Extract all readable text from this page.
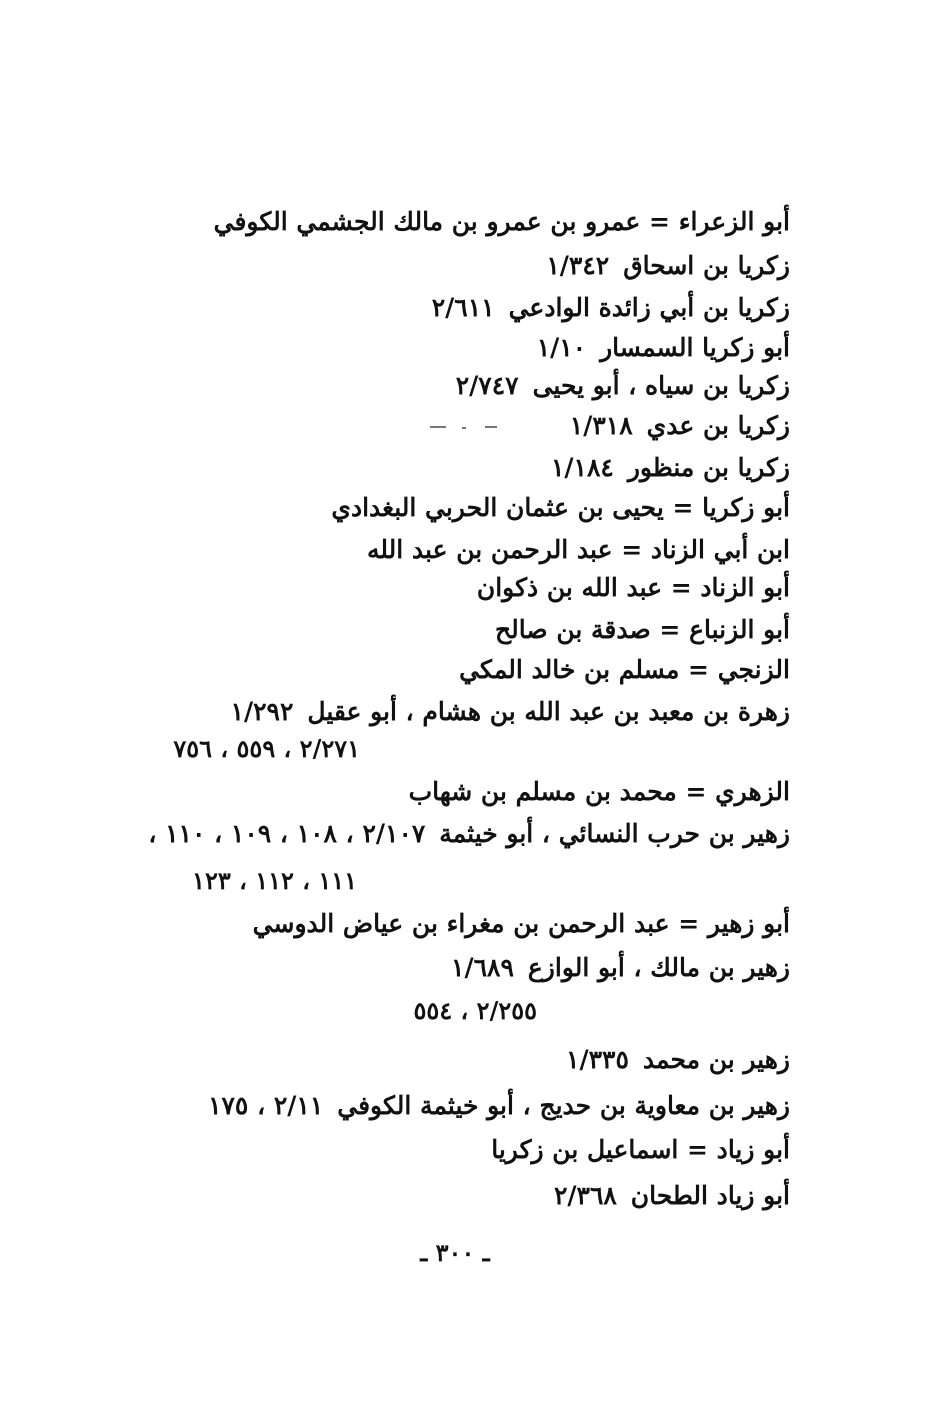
أبو الزعراء = عمرو بن عمرو بن مالك الجشمي الكوفي
زكريا بن اسحاق١/٣٤٢
زكريا بن أبي زائدة الوادعي٢/٦١١
أبو زكريا السمسار١/١٠
زكريا بن سياه ، أبو يحيى٢/٧٤٧
زكريا بن عدي١/٣١٨
زكريا بن منظور١/١٨٤
أبو زكريا = يحيى بن عثمان الحربي البغدادي
ابن أبي الزناد = عبد الرحمن بن عبد الله
أبو الزناد = عبد الله بن ذكوان
أبو الزنباع = صدقة بن صالح
الزنجي = مسلم بن خالد المكي
زهرة بن معبد بن عبد الله بن هشام ، أبو عقيل١/٢٩٢
٢/٢٧١ ، ٥٥٩ ، ٧٥٦
الزهري = محمد بن مسلم بن شهاب
زهير بن حرب النسائي ، أبو خيثمة٢/١٠٧ ، ١٠٨ ، ١٠٩ ، ١١٠ ،
١١١ ، ١١٢ ، ١٢٣
أبو زهير = عبد الرحمن بن مغراء بن عياض الدوسي
زهير بن مالك ، أبو الوازع١/٦٨٩
٢/٢٥٥ ، ٥٥٤
زهير بن محمد١/٣٣٥
زهير بن معاوية بن حديج ، أبو خيثمة الكوفي٢/١١ ، ١٧٥
أبو زياد = اسماعيل بن زكريا
أبو زياد الطحان٢/٣٦٨
ـ ٣٠٠ ـ
